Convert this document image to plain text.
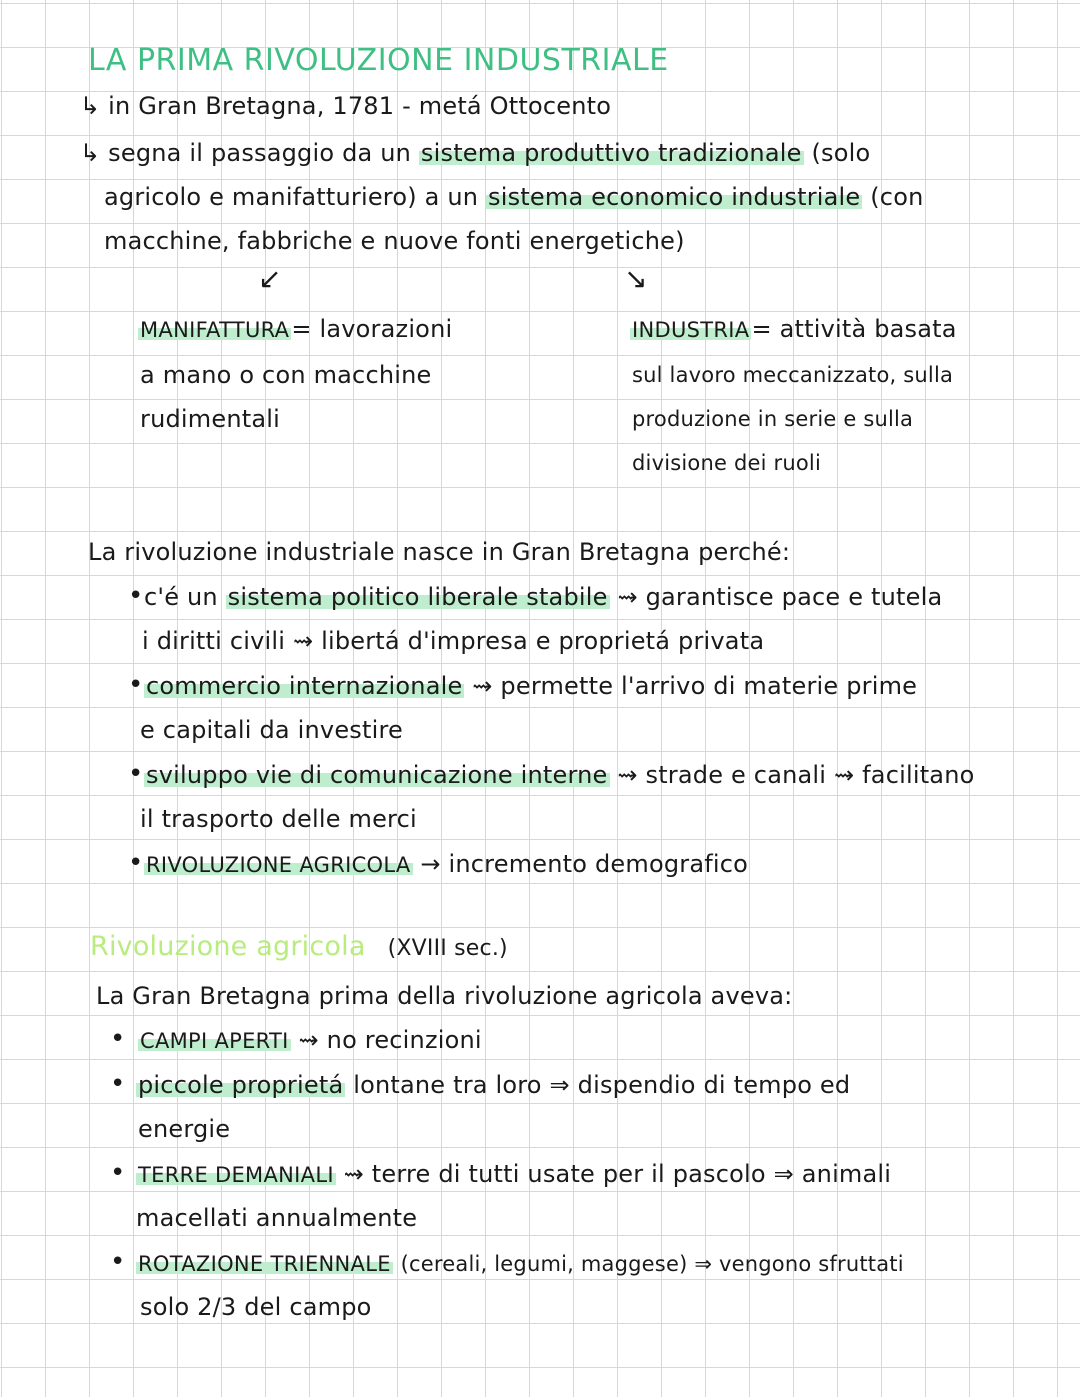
LA PRIMA RIVOLUZIONE INDUSTRIALE
↳ in Gran Bretagna, 1781 - metá Ottocento
↳ segna il passaggio da un sistema produttivo tradizionale (solo
agricolo e manifatturiero) a un sistema economico industriale (con
macchine, fabbriche e nuove fonti energetiche)
↙	↘
MANIFATTURA= lavorazioni
a mano o con macchine
rudimentali
INDUSTRIA= attività basata
sul lavoro meccanizzato, sulla
produzione in serie e sulla
divisione dei ruoli
La rivoluzione industriale nasce in Gran Bretagna perché:
• c'é un sistema politico liberale stabile ⇝ garantisce pace e tutela
i diritti civili ⇝ libertá d'impresa e proprietá privata
• commercio internazionale ⇝ permette l'arrivo di materie prime
e capitali da investire
• sviluppo vie di comunicazione interne ⇝ strade e canali ⇝ facilitano
il trasporto delle merci
• RIVOLUZIONE AGRICOLA → incremento demografico
Rivoluzione agricola (XVIII sec.)
La Gran Bretagna prima della rivoluzione agricola aveva:
• CAMPI APERTI ⇝ no recinzioni
• piccole proprietá lontane tra loro ⇒ dispendio di tempo ed
energie
• TERRE DEMANIALI ⇝ terre di tutti usate per il pascolo ⇒ animali
macellati annualmente
• ROTAZIONE TRIENNALE (cereali, legumi, maggese) ⇒ vengono sfruttati
solo 2/3 del campo
